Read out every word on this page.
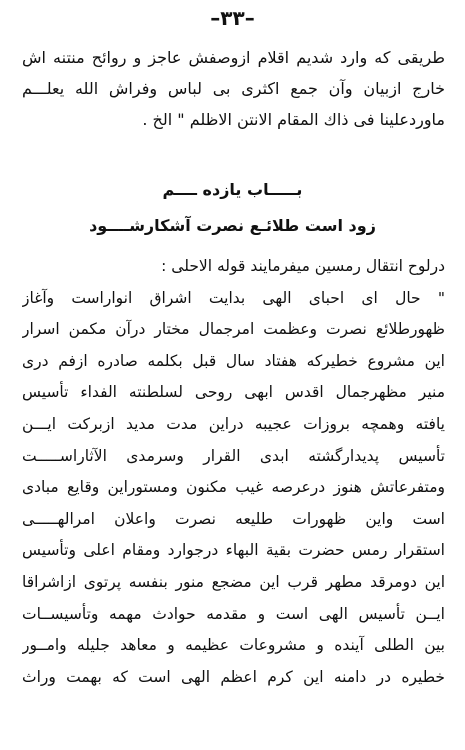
–٣٣–
طریقی که وارد شدیم اقلام ازوصفش عاجز و روائح منتنه اش
خارج ازبیان وآن جمع اکثری بی لباس وفراش الله یعلـــم
ماوردعلینا فی ذاك المقام الانتن الاظلم " الخ .
بـــــاب یازده ــــم
زود است طلائـع نصرت آشکارشــــود
درلوح انتقال رمسین میفرمایند قوله الاحلی :
" حال ای احبای الهی بدایت اشراق انواراست وآغاز
ظهورطلائع نصرت وعظمت امرجمال مختار درآن مکمن اسرار
این مشروع خطیرکه هفتاد سال قبل بکلمه صادره ازفم دری
منیر مظهرجمال اقدس ابهی روحی لسلطنته الفداء تأسیس
یافته وهمچه بروزات عجیبه دراین مدت مدید ازبرکت ایـــن
تأسیس پدیدارگشته ابدی القرار وسرمدی الآثاراســـــت
ومتفرعاتش هنوز درعرصه غیب مکنون ومستوراین وقایع مبادی
است واین ظهورات طلیعه نصرت واعلان امرالهـــــی
استقرار رمس حضرت بقیة البهاء درجوارد ومقام اعلی وتأسیس
این دومرقد مطهر قرب این مضجع منور بنفسه پرتوی ازاشراقا
ایــن تأسیس الهی است و مقدمه حوادث مهمه وتأسیســات
بین الطلی آینده و مشروعات عظیمه و معاهد جلیله وامــور
خطیره در دامنه این کرم اعظم الهی است که بهمت وراث
